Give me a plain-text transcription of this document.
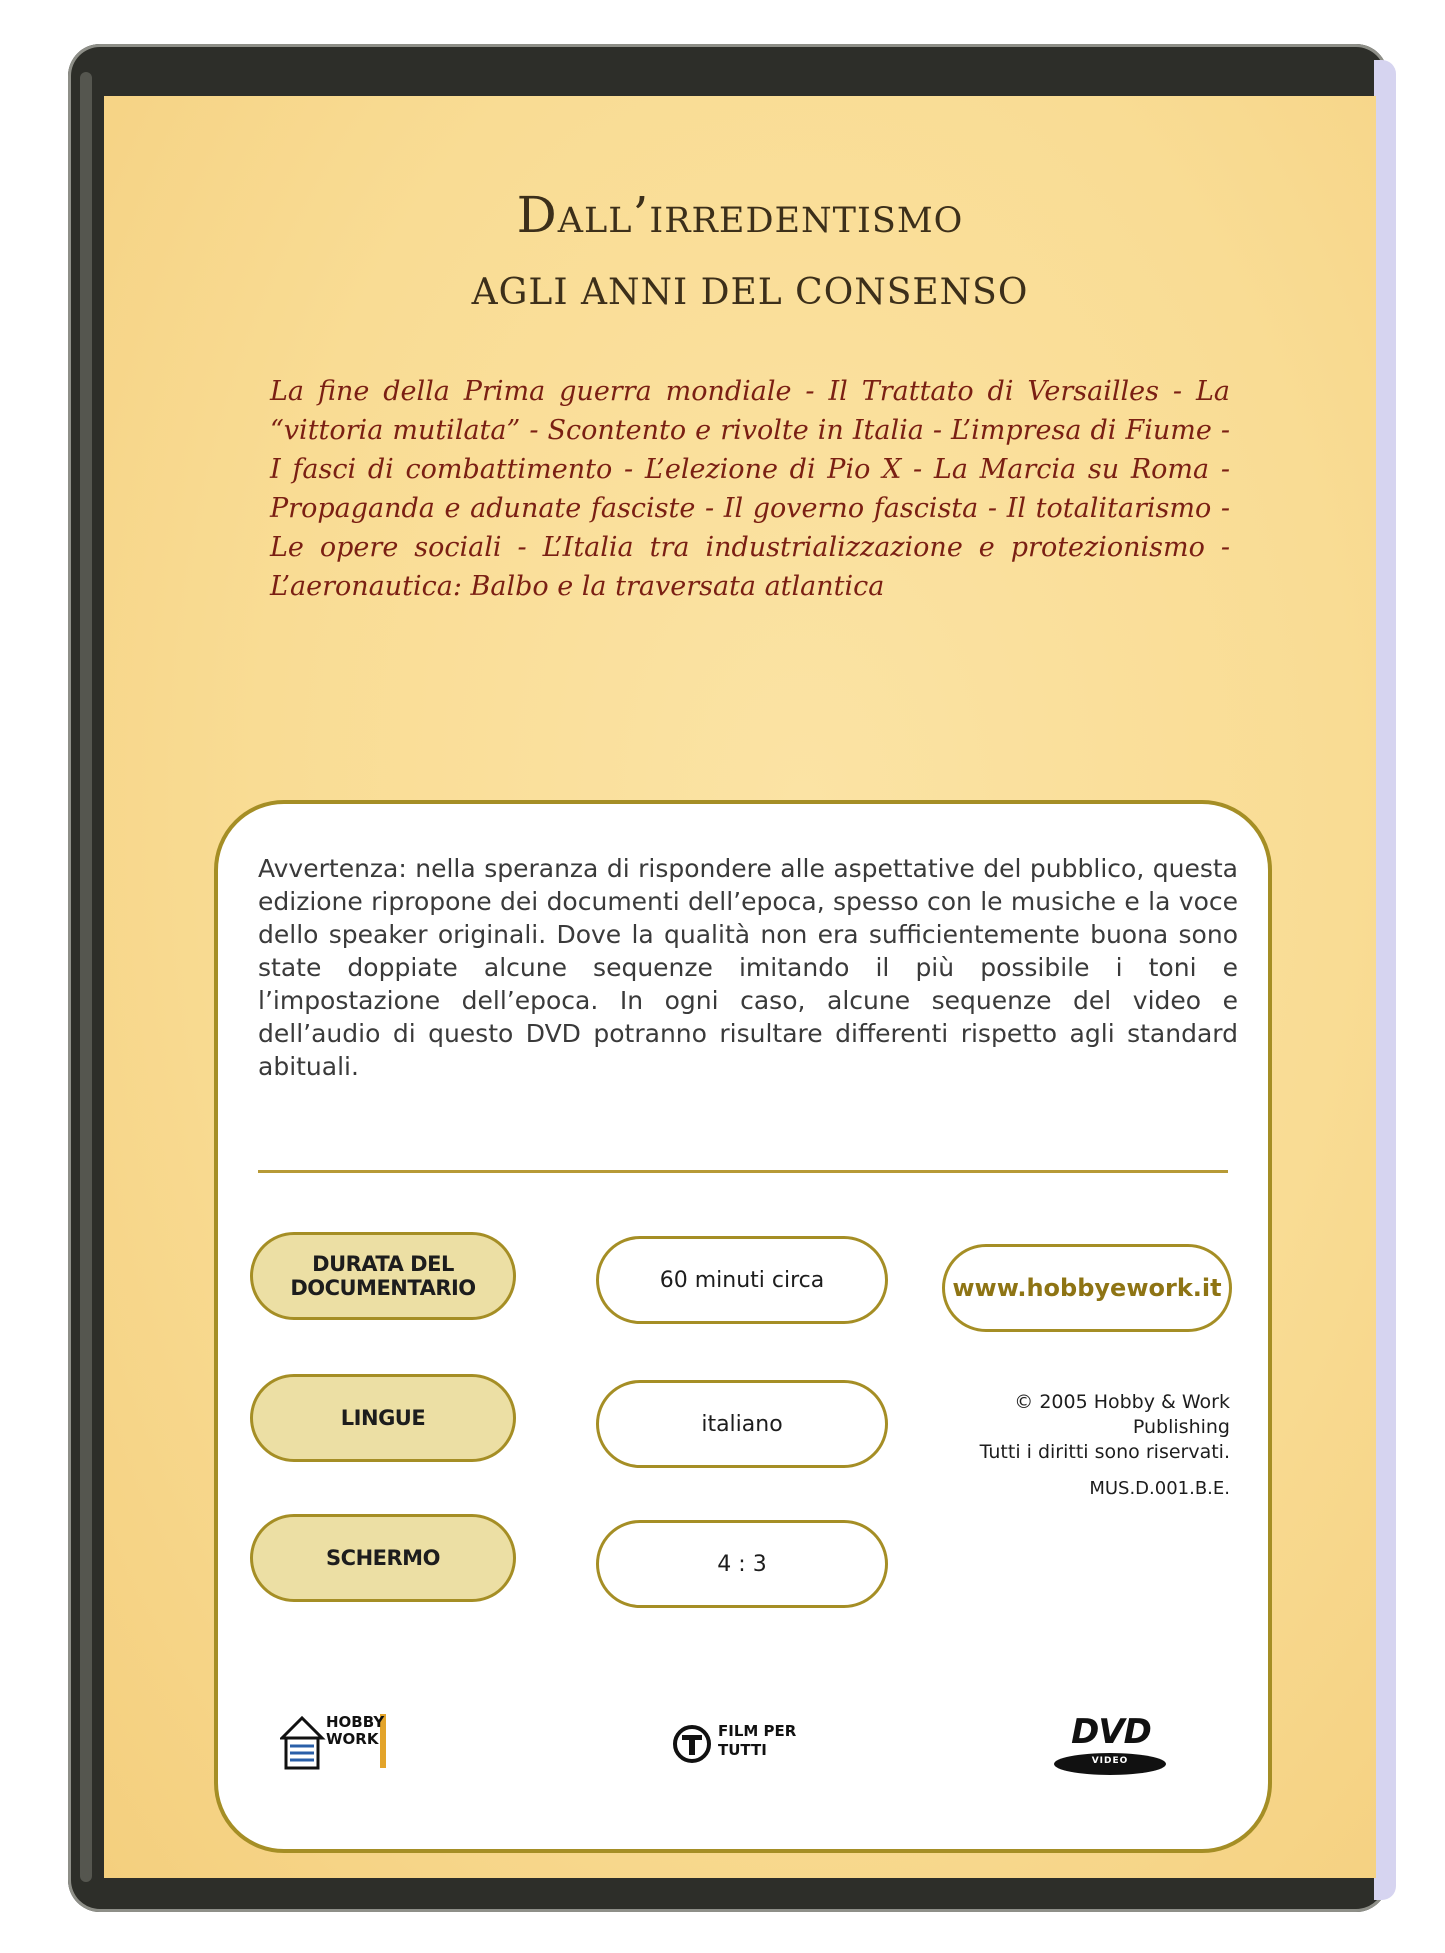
Dall’irredentismo
AGLI ANNI DEL CONSENSO
La fine della Prima guerra mondiale - Il Trattato di Versailles - La “vittoria mutilata” - Scontento e rivolte in Italia - L’impresa di Fiume - I fasci di combattimento - L’elezione di Pio X - La Marcia su Roma - Propaganda e adunate fasciste - Il governo fascista - Il totalitarismo - Le opere sociali - L’Italia tra industrializzazione e protezionismo - L’aeronautica: Balbo e la traversata atlantica
Avvertenza: nella speranza di rispondere alle aspettative del pubblico, questa edizione ripropone dei documenti dell’epoca, spesso con le musiche e la voce dello speaker originali. Dove la qualità non era sufficientemente buona sono state doppiate alcune sequenze imitando il più possibile i toni e l’impostazione dell’epoca. In ogni caso, alcune sequenze del video e dell’audio di questo DVD potranno risultare differenti rispetto agli standard abituali.
DURATA DEL DOCUMENTARIO	60 minuti circa	www.hobbyework.it
LINGUE	italiano
SCHERMO	4 : 3
© 2005 Hobby & Work Publishing
Tutti i diritti sono riservati.
MUS.D.001.B.E.
HOBBY
WORK	FILM PER
TUTTI	DVD
VIDEO
